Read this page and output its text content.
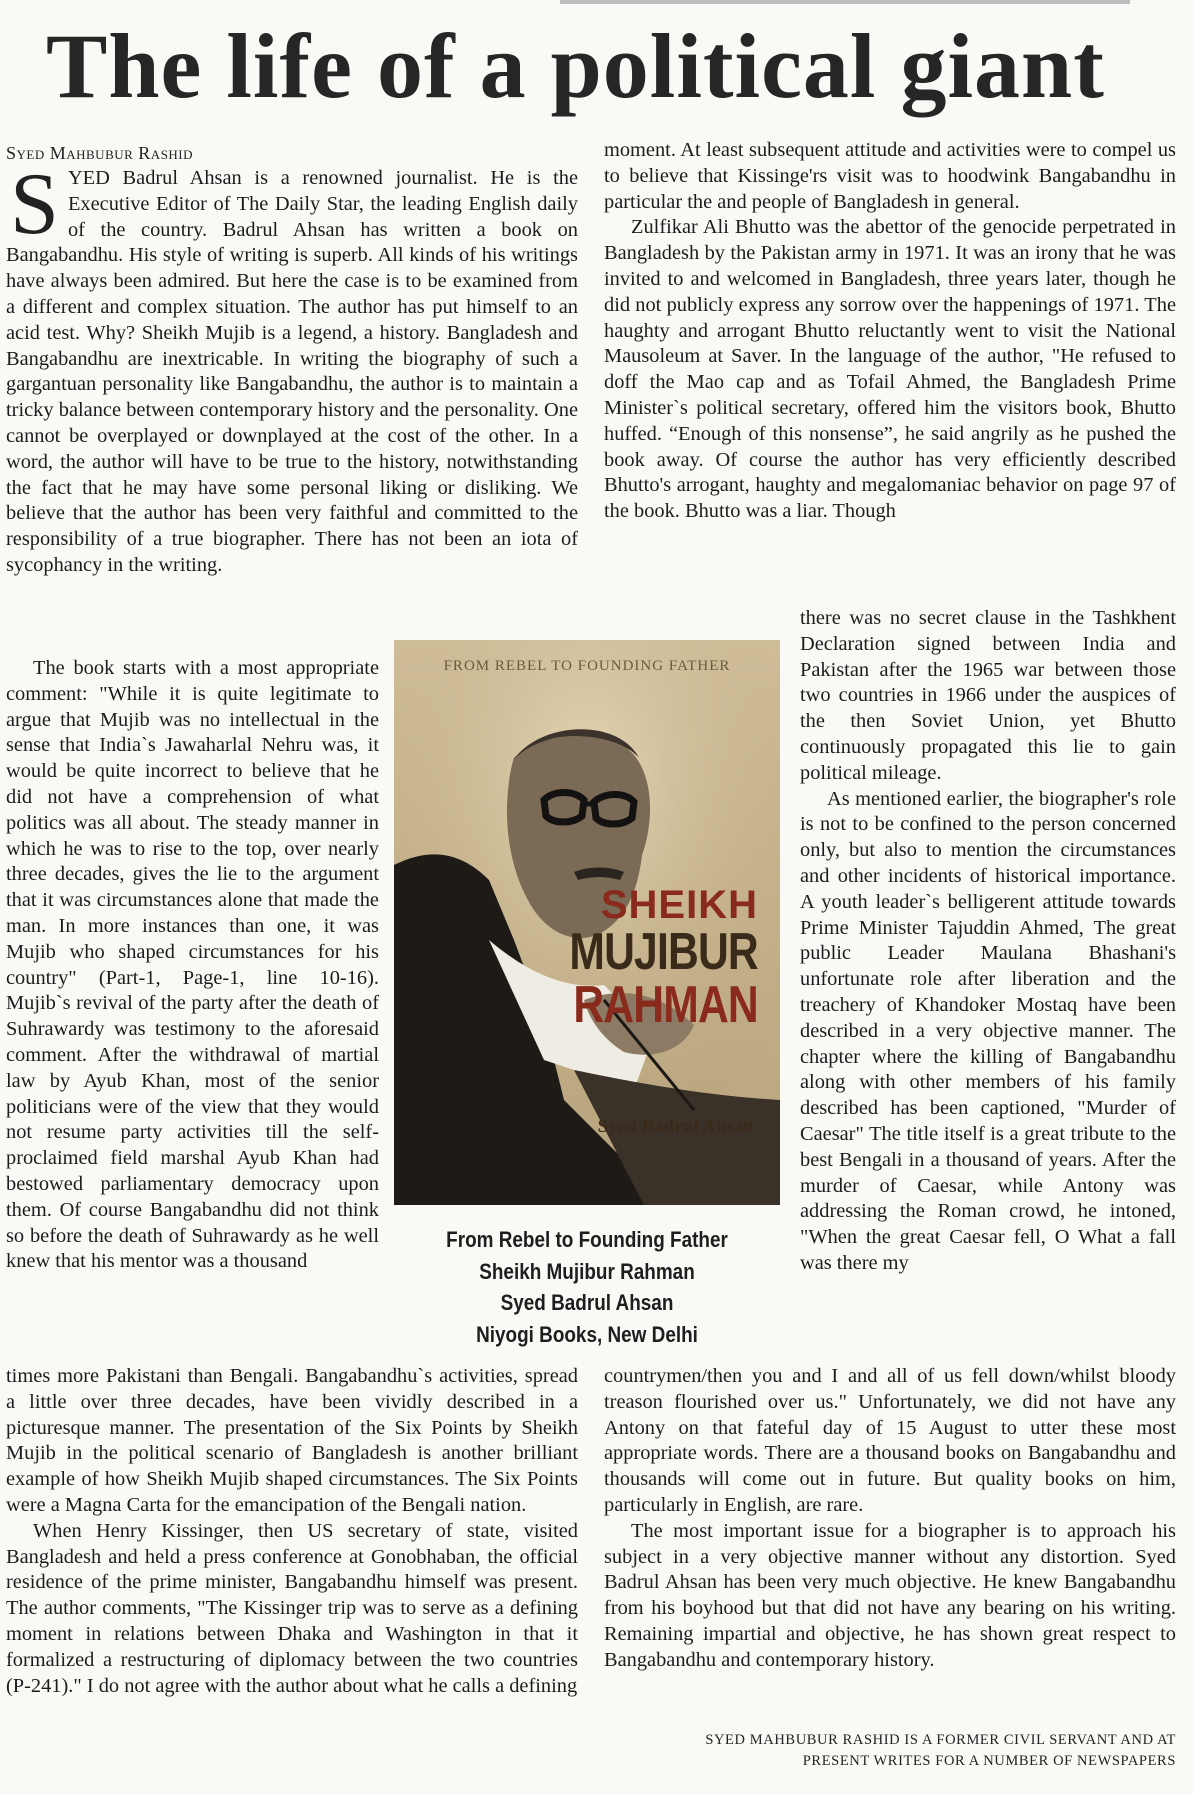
The life of a political giant
Syed Mahbubur Rashid

SYED Badrul Ahsan is a renowned journalist. He is the Executive Editor of The Daily Star, the leading English daily of the country. Badrul Ahsan has written a book on Bangabandhu. His style of writing is superb. All kinds of his writings have always been admired. But here the case is to be examined from a different and complex situation. The author has put himself to an acid test. Why? Sheikh Mujib is a legend, a history. Bangladesh and Bangabandhu are inextricable. In writing the biography of such a gargantuan personality like Bangabandhu, the author is to maintain a tricky balance between contemporary history and the personality. One cannot be overplayed or downplayed at the cost of the other. In a word, the author will have to be true to the history, notwithstanding the fact that he may have some personal liking or disliking. We believe that the author has been very faithful and committed to the responsibility of a true biographer. There has not been an iota of sycophancy in the writing.

The book starts with a most appropriate comment: "While it is quite legitimate to argue that Mujib was no intellectual in the sense that India`s Jawaharlal Nehru was, it would be quite incorrect to believe that he did not have a comprehension of what politics was all about. The steady manner in which he was to rise to the top, over nearly three decades, gives the lie to the argument that it was circumstances alone that made the man. In more instances than one, it was Mujib who shaped circumstances for his country" (Part-1, Page-1, line 10-16). Mujib`s revival of the party after the death of Suhrawardy was testimony to the aforesaid comment. After the withdrawal of martial law by Ayub Khan, most of the senior politicians were of the view that they would not resume party activities till the self-proclaimed field marshal Ayub Khan had bestowed parliamentary democracy upon them. Of course Bangabandhu did not think so before the death of Suhrawardy as he well knew that his mentor was a thousand

times more Pakistani than Bengali. Bangabandhu`s activities, spread a little over three decades, have been vividly described in a picturesque manner. The presentation of the Six Points by Sheikh Mujib in the political scenario of Bangladesh is another brilliant example of how Sheikh Mujib shaped circumstances. The Six Points were a Magna Carta for the emancipation of the Bengali nation.

When Henry Kissinger, then US secretary of state, visited Bangladesh and held a press conference at Gonobhaban, the official residence of the prime minister, Bangabandhu himself was present. The author comments, "The Kissinger trip was to serve as a defining moment in relations between Dhaka and Washington in that it formalized a restructuring of diplomacy between the two countries (P-241)." I do not agree with the author about what he calls a defining

moment. At least subsequent attitude and activities were to compel us to believe that Kissinge'rs visit was to hoodwink Bangabandhu in particular the and people of Bangladesh in general.

Zulfikar Ali Bhutto was the abettor of the genocide perpetrated in Bangladesh by the Pakistan army in 1971. It was an irony that he was invited to and welcomed in Bangladesh, three years later, though he did not publicly express any sorrow over the happenings of 1971. The haughty and arrogant Bhutto reluctantly went to visit the National Mausoleum at Saver. In the language of the author, "He refused to doff the Mao cap and as Tofail Ahmed, the Bangladesh Prime Minister`s political secretary, offered him the visitors book, Bhutto huffed. “Enough of this nonsense”, he said angrily as he pushed the book away. Of course the author has very efficiently described Bhutto's arrogant, haughty and megalomaniac behavior on page 97 of the book. Bhutto was a liar. Though

there was no secret clause in the Tashkhent Declaration signed between India and Pakistan after the 1965 war between those two countries in 1966 under the auspices of the then Soviet Union, yet Bhutto continuously propagated this lie to gain political mileage.

As mentioned earlier, the biographer's role is not to be confined to the person concerned only, but also to mention the circumstances and other incidents of historical importance. A youth leader`s belligerent attitude towards Prime Minister Tajuddin Ahmed, The great public Leader Maulana Bhashani's unfortunate role after liberation and the treachery of Khandoker Mostaq have been described in a very objective manner. The chapter where the killing of Bangabandhu along with other members of his family described has been captioned, "Murder of Caesar" The title itself is a great tribute to the best Bengali in a thousand of years. After the murder of Caesar, while Antony was addressing the Roman crowd, he intoned, "When the great Caesar fell, O What a fall was there my

countrymen/then you and I and all of us fell down/whilst bloody treason flourished over us." Unfortunately, we did not have any Antony on that fateful day of 15 August to utter these most appropriate words. There are a thousand books on Bangabandhu and thousands will come out in future. But quality books on him, particularly in English, are rare.

The most important issue for a biographer is to approach his subject in a very objective manner without any distortion. Syed Badrul Ahsan has been very much objective. He knew Bangabandhu from his boyhood but that did not have any bearing on his writing. Remaining impartial and objective, he has shown great respect to Bangabandhu and contemporary history.

SYED MAHBUBUR RASHID IS A FORMER CIVIL SERVANT AND AT
PRESENT WRITES FOR A NUMBER OF NEWSPAPERS
FROM REBEL TO FOUNDING FATHER
SHEIKH
MUJIBUR
RAHMAN
Syed Badrul Ahsan
From Rebel to Founding Father
Sheikh Mujibur Rahman
Syed Badrul Ahsan
Niyogi Books, New Delhi
